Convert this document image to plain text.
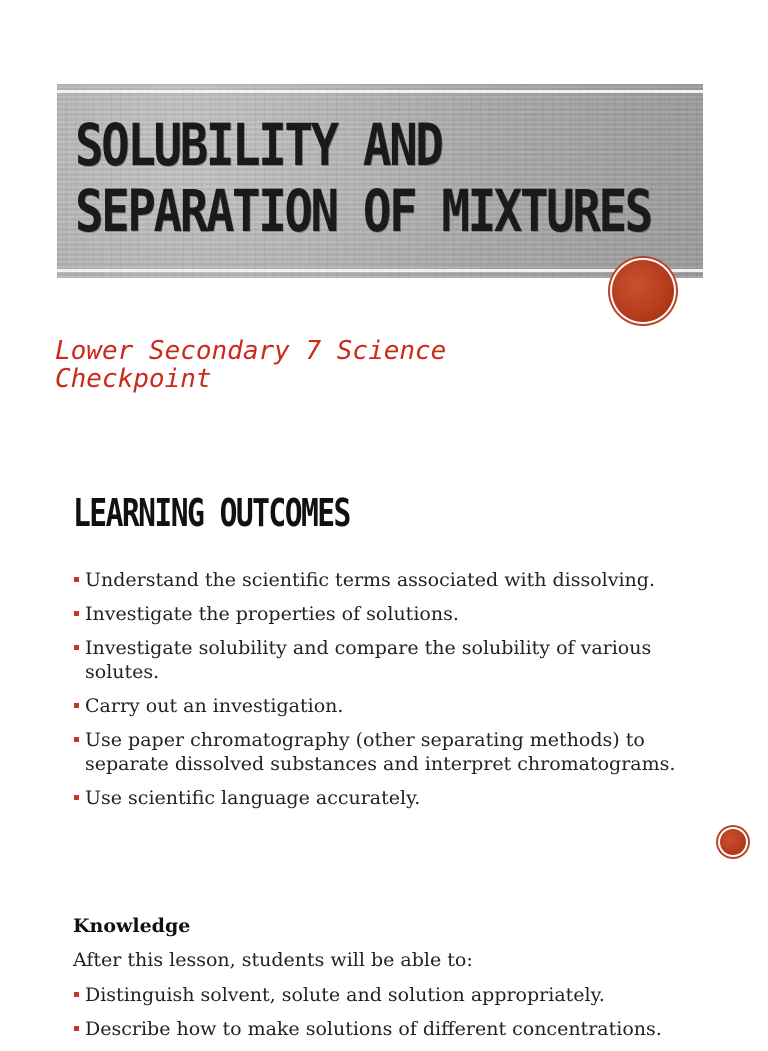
SOLUBILITY AND
SEPARATION OF MIXTURES
Lower Secondary 7 Science
Checkpoint
LEARNING OUTCOMES
Understand the scientific terms associated with dissolving.
Investigate the properties of solutions.
Investigate solubility and compare the solubility of various solutes.
Carry out an investigation.
Use paper chromatography (other separating methods) to separate dissolved substances and interpret chromatograms.
Use scientific language accurately.
Knowledge
After this lesson, students will be able to:
Distinguish solvent, solute and solution appropriately.
Describe how to make solutions of different concentrations.
